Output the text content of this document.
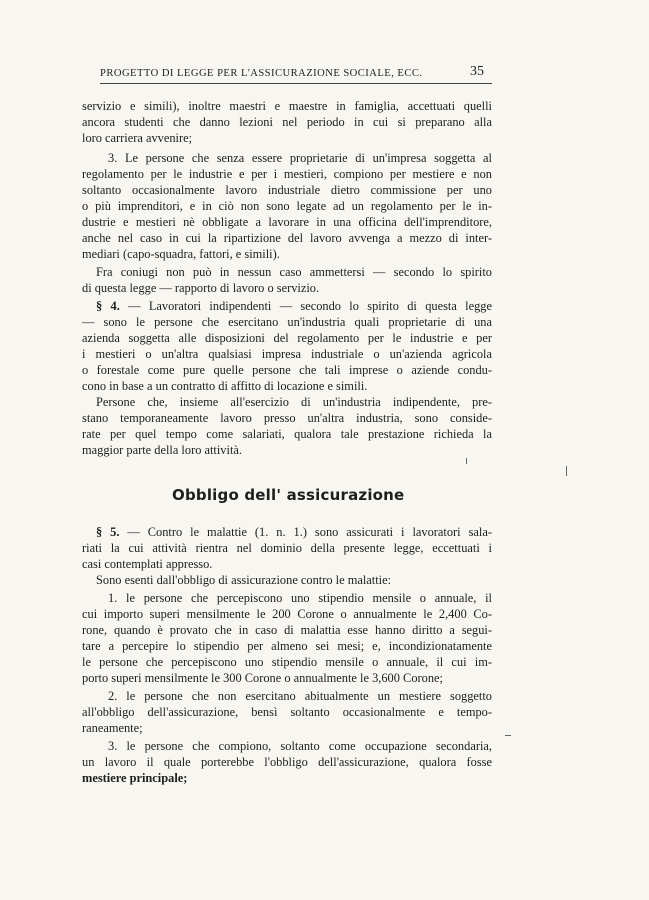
PROGETTO DI LEGGE PER L'ASSICURAZIONE SOCIALE, ECC.	35
servizio e simili), inoltre maestri e maestre in famiglia, accettuati quelli
ancora studenti che danno lezioni nel periodo in cui si preparano alla
loro carriera avvenire;
3. Le persone che senza essere proprietarie di un'impresa soggetta al
regolamento per le industrie e per i mestieri, compiono per mestiere e non
soltanto occasionalmente lavoro industriale dietro commissione per uno
o più imprenditori, e in ciò non sono legate ad un regolamento per le in-
dustrie e mestieri nè obbligate a lavorare in una officina dell'imprenditore,
anche nel caso in cui la ripartizione del lavoro avvenga a mezzo di inter-
mediari (capo-squadra, fattori, e simili).
Fra coniugi non può in nessun caso ammettersi — secondo lo spirito
di questa legge — rapporto di lavoro o servizio.
§ 4. — Lavoratori indipendenti — secondo lo spirito di questa legge
— sono le persone che esercitano un'industria quali proprietarie di una
azienda soggetta alle disposizioni del regolamento per le industrie e per
i mestieri o un'altra qualsiasi impresa industriale o un'azienda agricola
o forestale come pure quelle persone che tali imprese o aziende condu-
cono in base a un contratto di affitto di locazione e simili.
Persone che, insieme all'esercizio di un'industria indipendente, pre-
stano temporaneamente lavoro presso un'altra industria, sono conside-
rate per quel tempo come salariati, qualora tale prestazione richieda la
maggior parte della loro attività.
Obbligo dell' assicurazione
§ 5. — Contro le malattie (1. n. 1.) sono assicurati i lavoratori sala-
riati la cui attività rientra nel dominio della presente legge, eccettuati i
casi contemplati appresso.
Sono esenti dall'obbligo di assicurazione contro le malattie:
1. le persone che percepiscono uno stipendio mensile o annuale, il
cui importo superi mensilmente le 200 Corone o annualmente le 2,400 Co-
rone, quando è provato che in caso di malattia esse hanno diritto a segui-
tare a percepire lo stipendio per almeno sei mesi; e, incondizionatamente
le persone che percepiscono uno stipendio mensile o annuale, il cui im-
porto superi mensilmente le 300 Corone o annualmente le 3,600 Corone;
2. le persone che non esercitano abitualmente un mestiere soggetto
all'obbligo dell'assicurazione, bensì soltanto occasionalmente e tempo-
raneamente;
3. le persone che compiono, soltanto come occupazione secondaria,
un lavoro il quale porterebbe l'obbligo dell'assicurazione, qualora fosse
mestiere principale;
